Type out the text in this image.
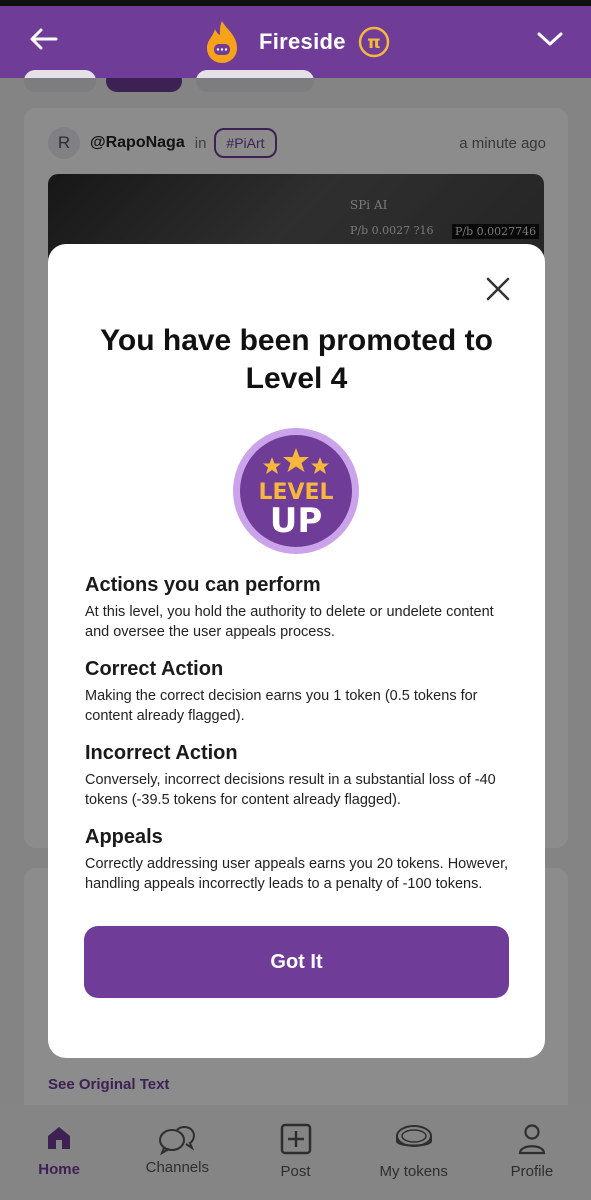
Fireside π
R	@RapoNaga in	#PiArt	a minute ago
SPi AI
P/b 0.0027 ?16 P/b 0.0027746
See Original Text
Home	Channels	Post	My tokens	Profile
You have been promoted to
Level 4
LEVEL
UP
Actions you can perform
At this level, you hold the authority to delete or undelete content and oversee the user appeals process.
Correct Action
Making the correct decision earns you 1 token (0.5 tokens for content already flagged).
Incorrect Action
Conversely, incorrect decisions result in a substantial loss of -40 tokens (-39.5 tokens for content already flagged).
Appeals
Correctly addressing user appeals earns you 20 tokens. However, handling appeals incorrectly leads to a penalty of -100 tokens.
Got It
